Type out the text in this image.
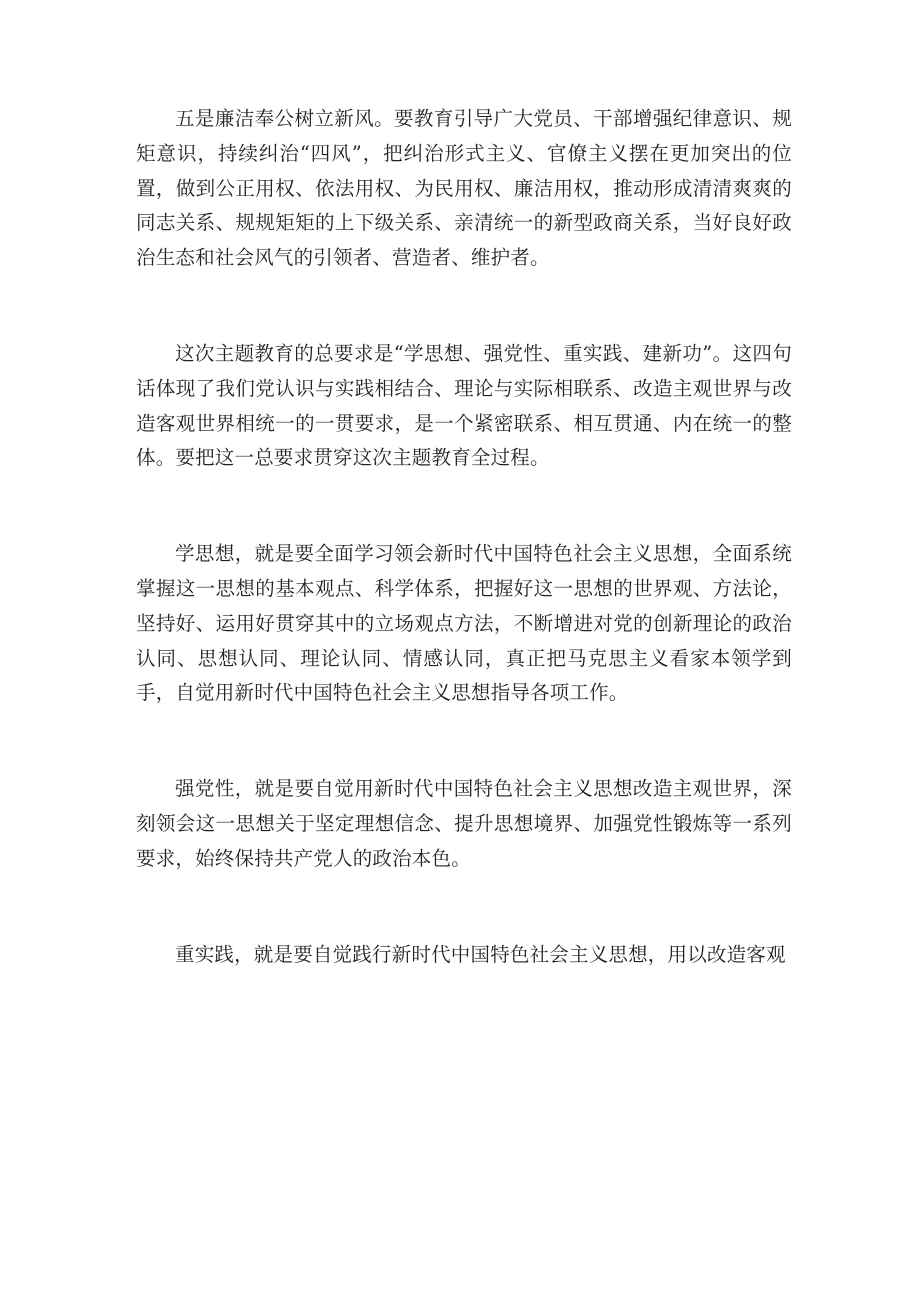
五是廉洁奉公树立新风。要教育引导广大党员、干部增强纪律意识、规矩意识，持续纠治“四风”，把纠治形式主义、官僚主义摆在更加突出的位置，做到公正用权、依法用权、为民用权、廉洁用权，推动形成清清爽爽的同志关系、规规矩矩的上下级关系、亲清统一的新型政商关系，当好良好政治生态和社会风气的引领者、营造者、维护者。

这次主题教育的总要求是“学思想、强党性、重实践、建新功”。这四句话体现了我们党认识与实践相结合、理论与实际相联系、改造主观世界与改造客观世界相统一的一贯要求，是一个紧密联系、相互贯通、内在统一的整体。要把这一总要求贯穿这次主题教育全过程。

学思想，就是要全面学习领会新时代中国特色社会主义思想，全面系统掌握这一思想的基本观点、科学体系，把握好这一思想的世界观、方法论，坚持好、运用好贯穿其中的立场观点方法，不断增进对党的创新理论的政治认同、思想认同、理论认同、情感认同，真正把马克思主义看家本领学到手，自觉用新时代中国特色社会主义思想指导各项工作。

强党性，就是要自觉用新时代中国特色社会主义思想改造主观世界，深刻领会这一思想关于坚定理想信念、提升思想境界、加强党性锻炼等一系列要求，始终保持共产党人的政治本色。

重实践，就是要自觉践行新时代中国特色社会主义思想，用以改造客观
